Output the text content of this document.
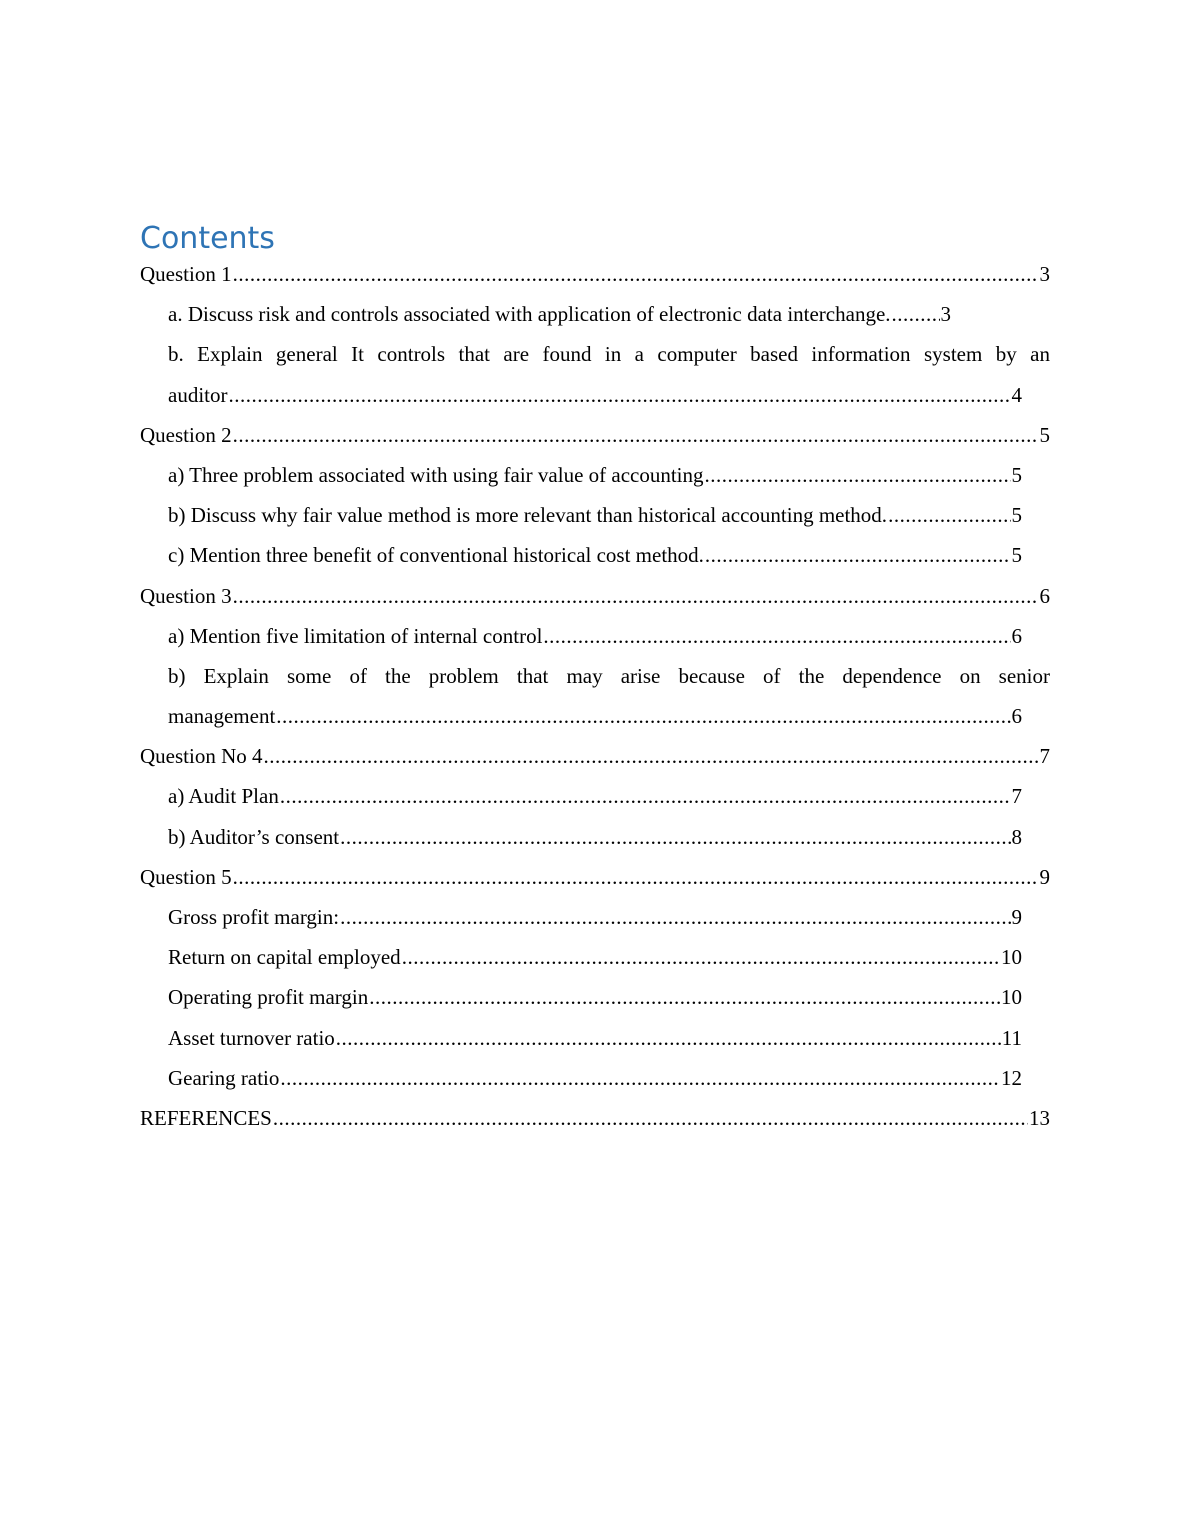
Contents
Question 1 .....	3
a. Discuss risk and controls associated with application of electronic data interchange. ..... 3
b. Explain general It controls that are found in a computer based information system by an
auditor .....	4
Question 2 .....	5
a) Three problem associated with using fair value of accounting .....	5
b) Discuss why fair value method is more relevant than historical accounting method. .....	5
c) Mention three benefit of conventional historical cost method. .....	5
Question 3 .....	6
a) Mention five limitation of internal control .....	6
b) Explain some of the problem that may arise because of the dependence on senior
management .....	6
Question No 4 .....	7
a) Audit Plan .....	7
b) Auditor’s consent .....	8
Question 5 .....	9
Gross profit margin: .....	9
Return on capital employed .....	10
Operating profit margin .....	10
Asset turnover ratio .....	11
Gearing ratio .....	12
REFERENCES .....	13
